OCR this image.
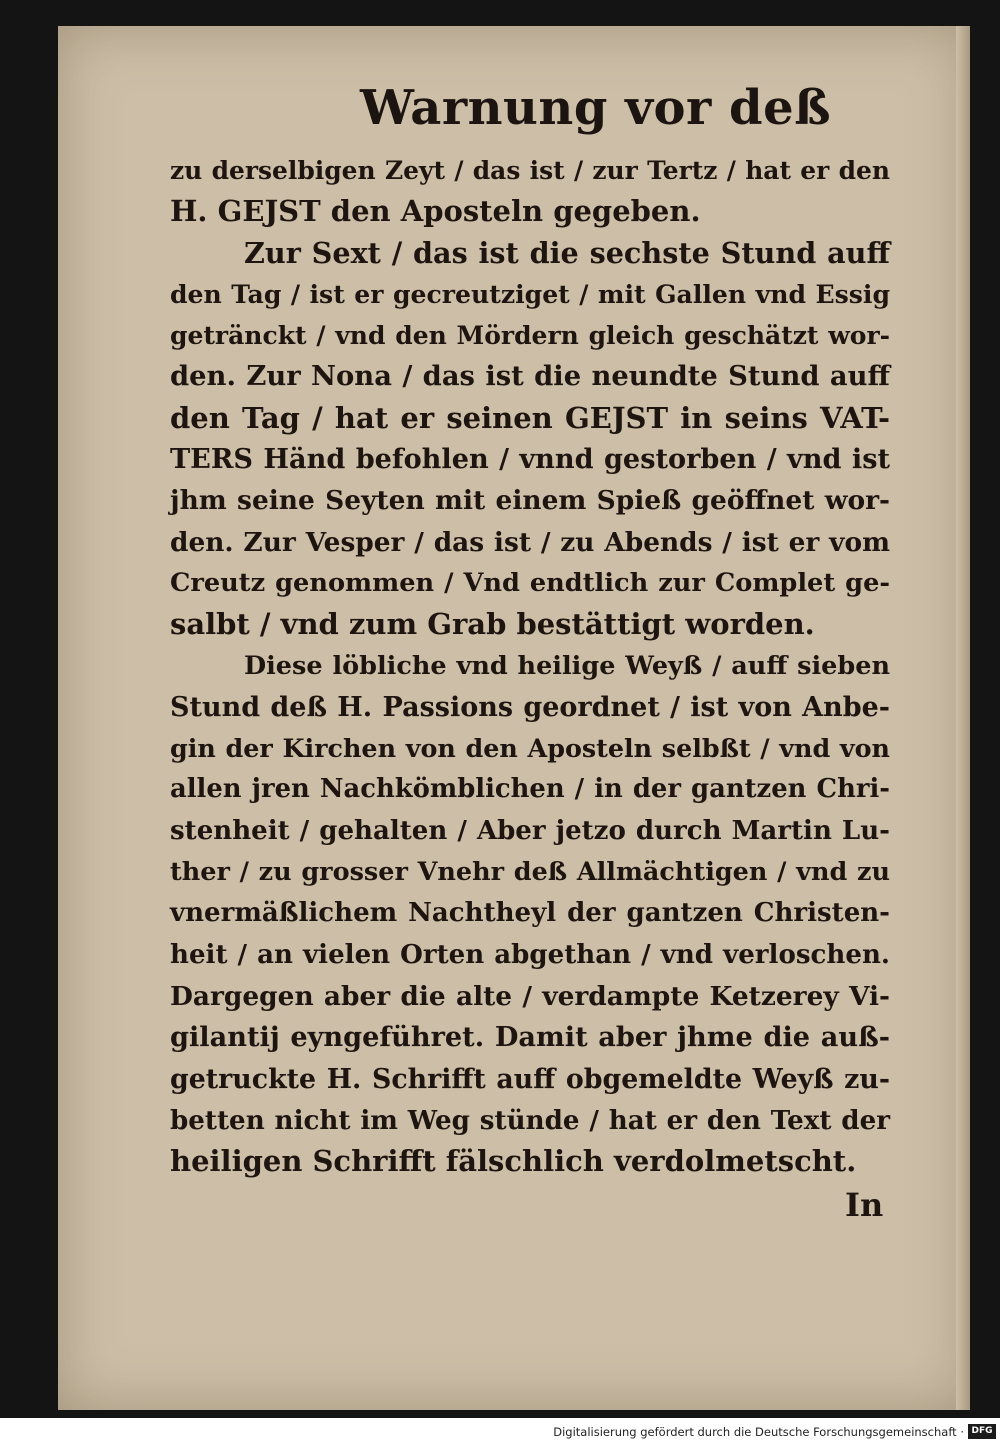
Warnung vor deß
zu derselbigen Zeyt / das ist / zur Tertz / hat er den
H. GEJST den Aposteln gegeben.
Zur Sext / das ist die sechste Stund auff
den Tag / ist er gecreutziget / mit Gallen vnd Essig
getränckt / vnd den Mördern gleich geschätzt wor-
den. Zur Nona / das ist die neundte Stund auff
den Tag / hat er seinen GEJST in seins VAT-
TERS Händ befohlen / vnnd gestorben / vnd ist
jhm seine Seyten mit einem Spieß geöffnet wor-
den. Zur Vesper / das ist / zu Abends / ist er vom
Creutz genommen / Vnd endtlich zur Complet ge-
salbt / vnd zum Grab bestättigt worden.
Diese löbliche vnd heilige Weyß / auff sieben
Stund deß H. Passions geordnet / ist von Anbe-
gin der Kirchen von den Aposteln selbßt / vnd von
allen jren Nachkömblichen / in der gantzen Chri-
stenheit / gehalten / Aber jetzo durch Martin Lu-
ther / zu grosser Vnehr deß Allmächtigen / vnd zu
vnermäßlichem Nachtheyl der gantzen Christen-
heit / an vielen Orten abgethan / vnd verloschen.
Dargegen aber die alte / verdampte Ketzerey Vi-
gilantij eyngeführet. Damit aber jhme die auß-
getruckte H. Schrifft auff obgemeldte Weyß zu-
betten nicht im Weg stünde / hat er den Text der
heiligen Schrifft fälschlich verdolmetscht.
In
Digitalisierung gefördert durch die Deutsche Forschungsgemeinschaft · DFG
